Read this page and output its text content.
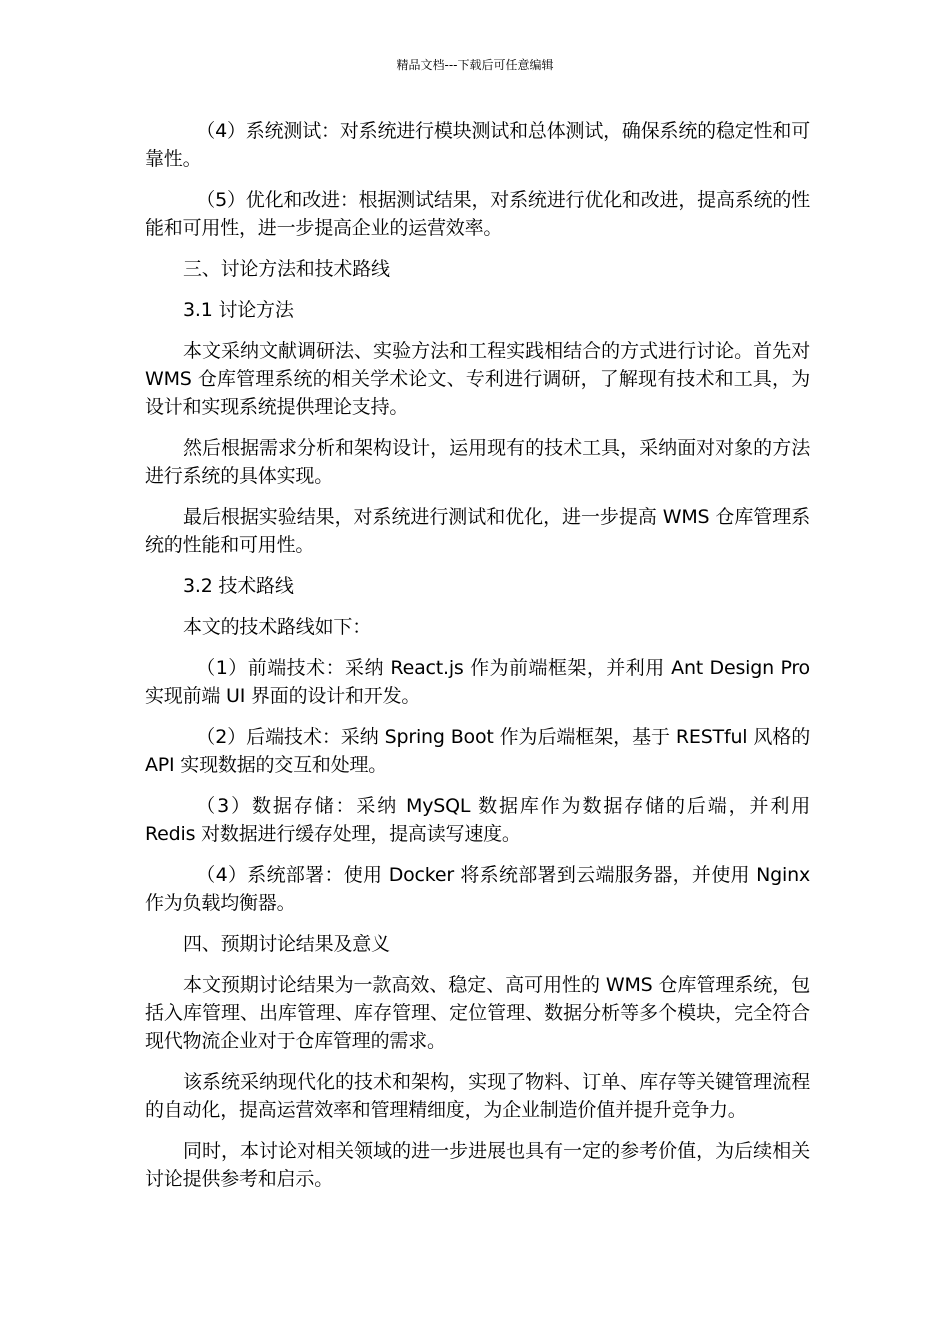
精品文档---下载后可任意编辑

（4）系统测试：对系统进行模块测试和总体测试，确保系统的稳定性和可靠性。

（5）优化和改进：根据测试结果，对系统进行优化和改进，提高系统的性能和可用性，进一步提高企业的运营效率。

三、讨论方法和技术路线

3.1 讨论方法

本文采纳文献调研法、实验方法和工程实践相结合的方式进行讨论。首先对 WMS 仓库管理系统的相关学术论文、专利进行调研，了解现有技术和工具，为设计和实现系统提供理论支持。

然后根据需求分析和架构设计，运用现有的技术工具，采纳面对对象的方法进行系统的具体实现。

最后根据实验结果，对系统进行测试和优化，进一步提高 WMS 仓库管理系统的性能和可用性。

3.2 技术路线

本文的技术路线如下：

（1）前端技术：采纳 React.js 作为前端框架，并利用 Ant Design Pro 实现前端 UI 界面的设计和开发。

（2）后端技术：采纳 Spring Boot 作为后端框架，基于 RESTful 风格的 API 实现数据的交互和处理。

（3）数据存储：采纳 MySQL 数据库作为数据存储的后端，并利用 Redis 对数据进行缓存处理，提高读写速度。

（4）系统部署：使用 Docker 将系统部署到云端服务器，并使用 Nginx 作为负载均衡器。

四、预期讨论结果及意义

本文预期讨论结果为一款高效、稳定、高可用性的 WMS 仓库管理系统，包括入库管理、出库管理、库存管理、定位管理、数据分析等多个模块，完全符合现代物流企业对于仓库管理的需求。

该系统采纳现代化的技术和架构，实现了物料、订单、库存等关键管理流程的自动化，提高运营效率和管理精细度，为企业制造价值并提升竞争力。

同时，本讨论对相关领域的进一步进展也具有一定的参考价值，为后续相关讨论提供参考和启示。
